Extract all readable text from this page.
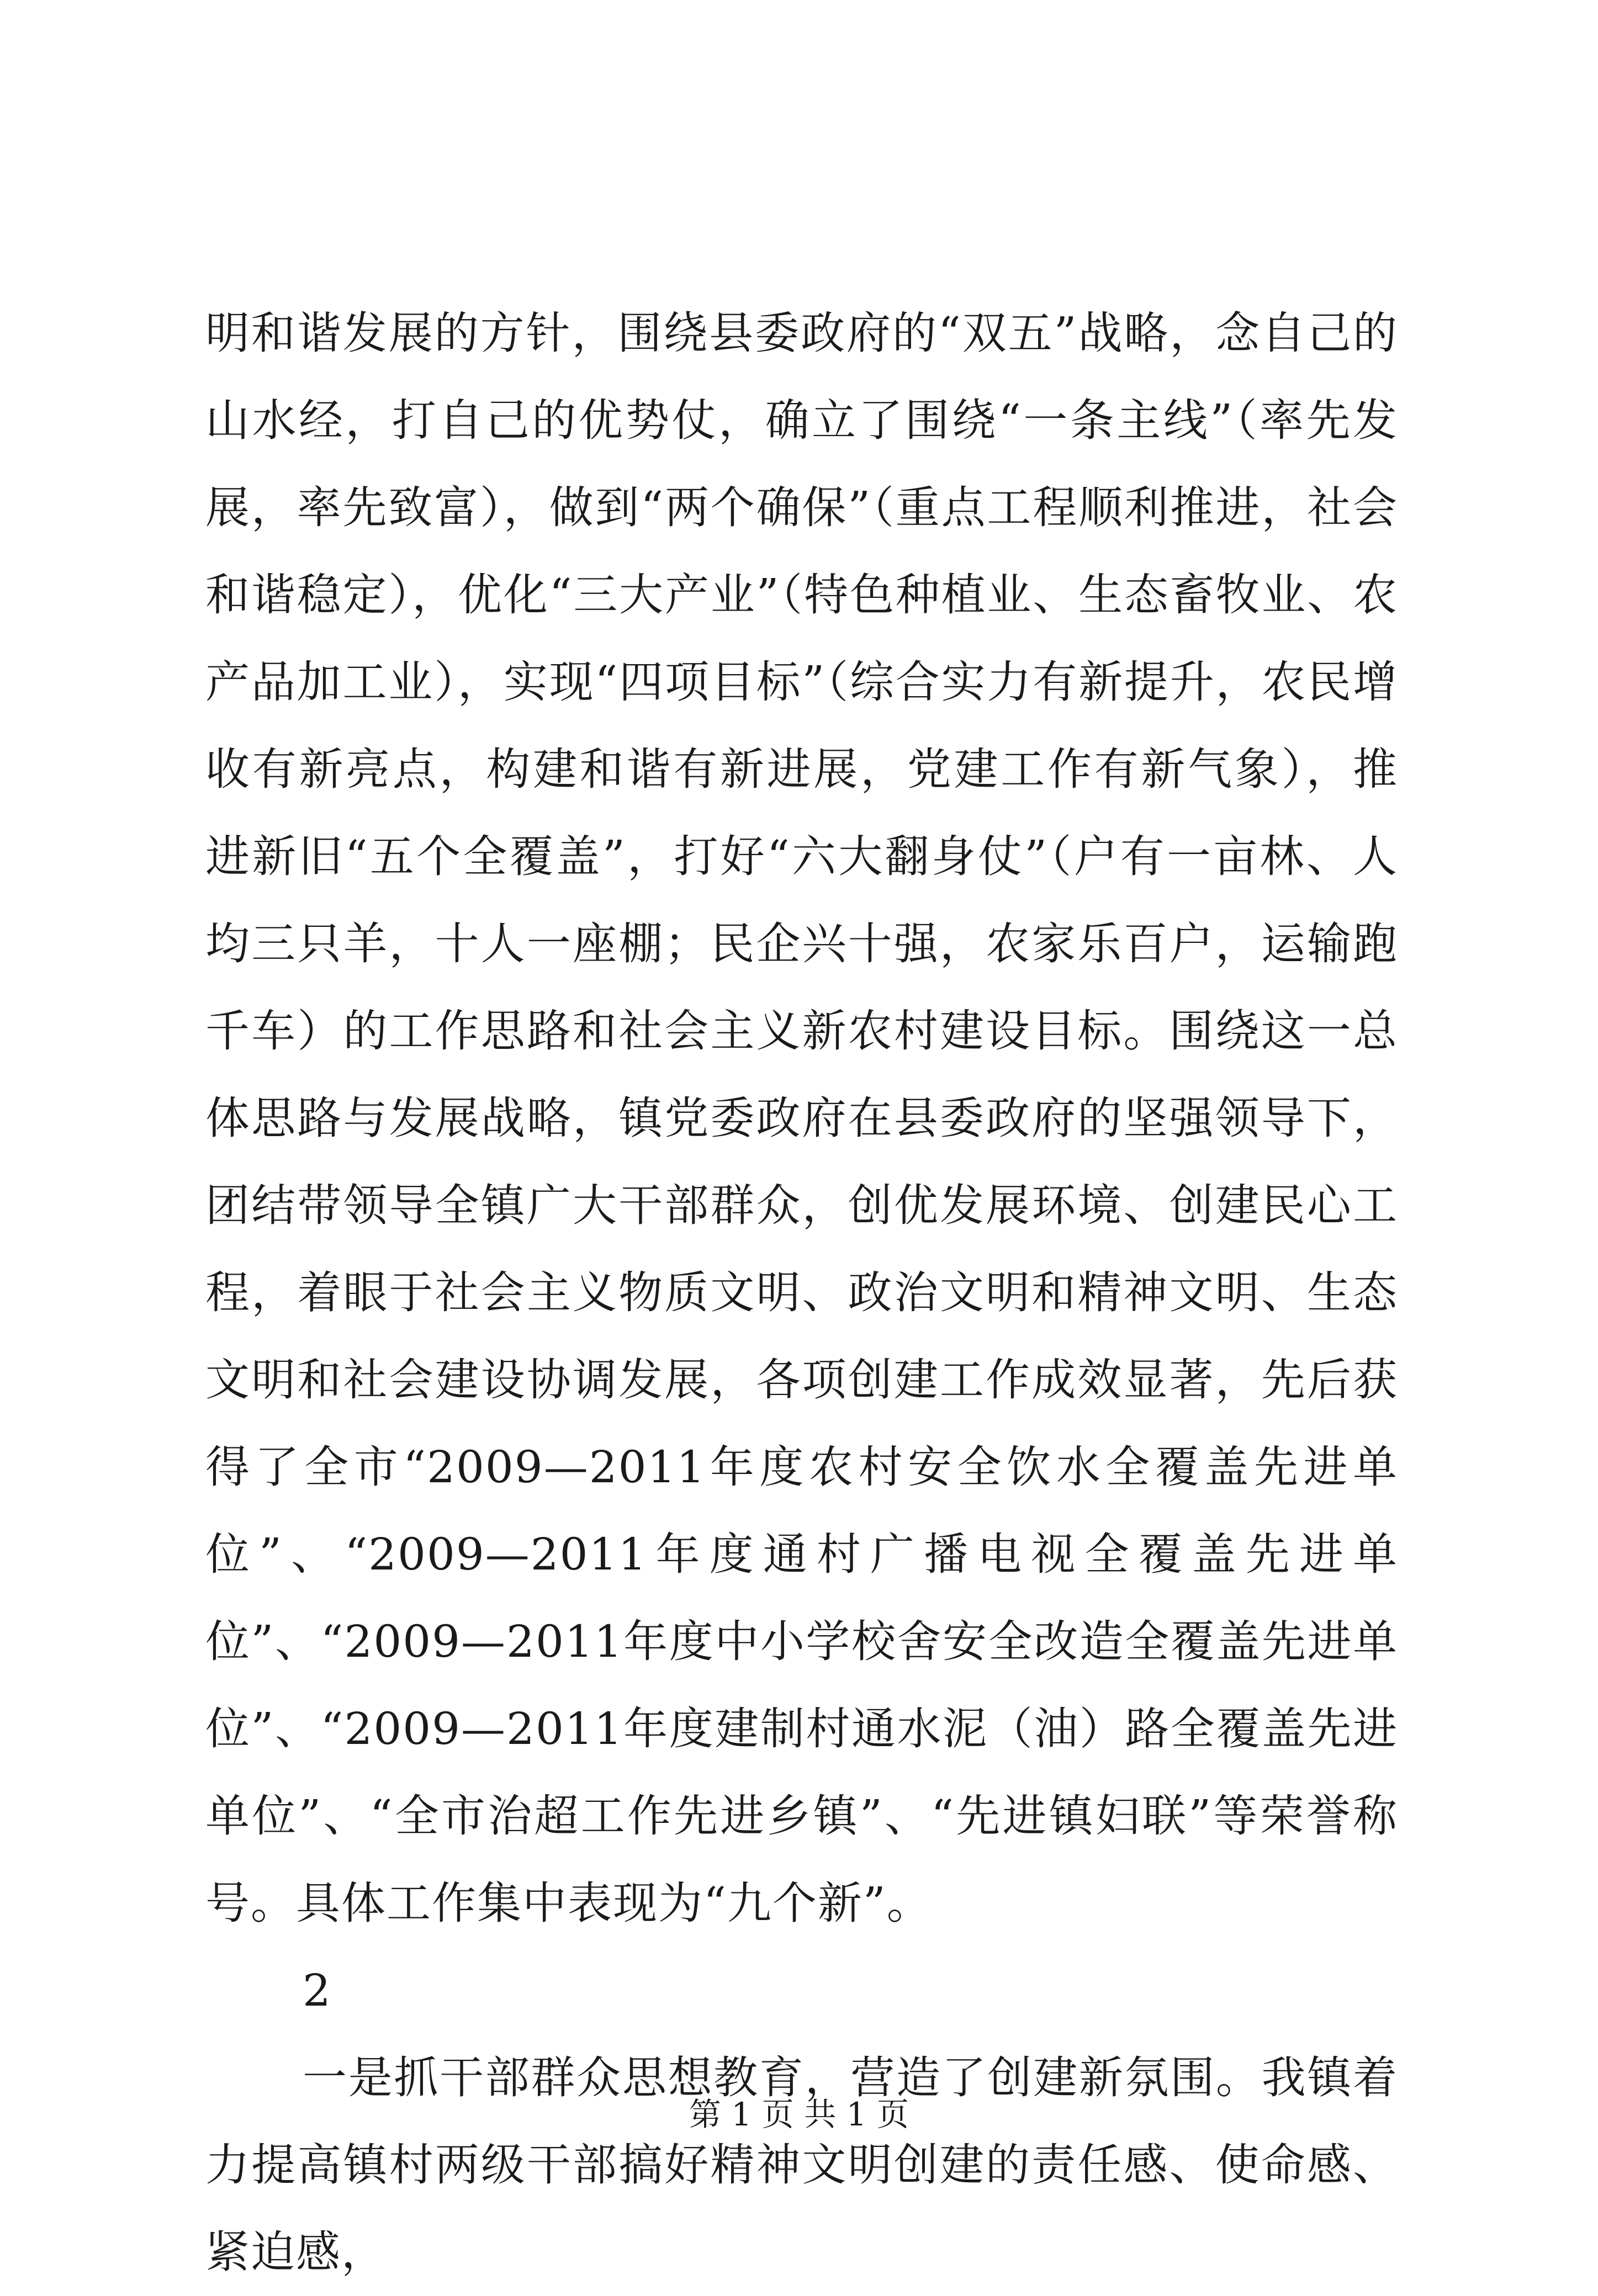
明和谐发展的方针，围绕县委政府的“双五”战略，念自己的山水经，打自己的优势仗，确立了围绕“一条主线”（率先发展，率先致富），做到“两个确保”（重点工程顺利推进，社会和谐稳定），优化“三大产业”（特色种植业、生态畜牧业、农产品加工业），实现“四项目标”（综合实力有新提升，农民增收有新亮点，构建和谐有新进展，党建工作有新气象），推进新旧“五个全覆盖”，打好“六大翻身仗”（户有一亩林、人均三只羊，十人一座棚；民企兴十强，农家乐百户，运输跑千车）的工作思路和社会主义新农村建设目标。围绕这一总体思路与发展战略，镇党委政府在县委政府的坚强领导下，团结带领导全镇广大干部群众，创优发展环境、创建民心工程，着眼于社会主义物质文明、政治文明和精神文明、生态文明和社会建设协调发展，各项创建工作成效显著，先后获得了全市“2009—2011年度农村安全饮水全覆盖先进单位”、“2009—2011年度通村广播电视全覆盖先进单位”、“2009—2011年度中小学校舍安全改造全覆盖先进单位”、“2009—2011年度建制村通水泥（油）路全覆盖先进单位”、“全市治超工作先进乡镇”、“先进镇妇联”等荣誉称号。具体工作集中表现为“九个新”。

2

一是抓干部群众思想教育，营造了创建新氛围。我镇着力提高镇村两级干部搞好精神文明创建的责任感、使命感、紧迫感，

第 1 页 共 1 页
